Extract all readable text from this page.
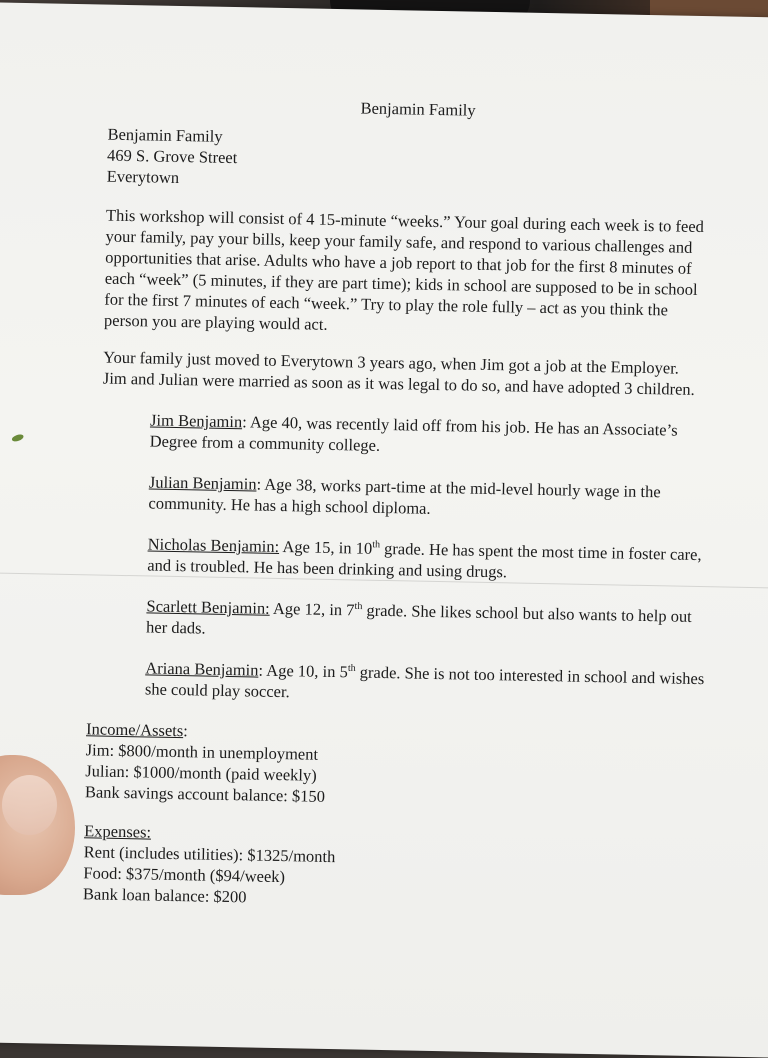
Benjamin Family
Benjamin Family
469 S. Grove Street
Everytown

This workshop will consist of 4 15-minute “weeks.” Your goal during each week is to feed your family, pay your bills, keep your family safe, and respond to various challenges and opportunities that arise. Adults who have a job report to that job for the first 8 minutes of each “week” (5 minutes, if they are part time); kids in school are supposed to be in school for the first 7 minutes of each “week.” Try to play the role fully – act as you think the person you are playing would act.

Your family just moved to Everytown 3 years ago, when Jim got a job at the Employer. Jim and Julian were married as soon as it was legal to do so, and have adopted 3 children.

Jim Benjamin: Age 40, was recently laid off from his job. He has an Associate’s Degree from a community college.
Julian Benjamin: Age 38, works part-time at the mid-level hourly wage in the community. He has a high school diploma.
Nicholas Benjamin: Age 15, in 10th grade. He has spent the most time in foster care, and is troubled. He has been drinking and using drugs.
Scarlett Benjamin: Age 12, in 7th grade. She likes school but also wants to help out her dads.
Ariana Benjamin: Age 10, in 5th grade. She is not too interested in school and wishes she could play soccer.
Income/Assets:
Jim: $800/month in unemployment
Julian: $1000/month (paid weekly)
Bank savings account balance: $150
Expenses:
Rent (includes utilities): $1325/month
Food: $375/month ($94/week)
Bank loan balance: $200
